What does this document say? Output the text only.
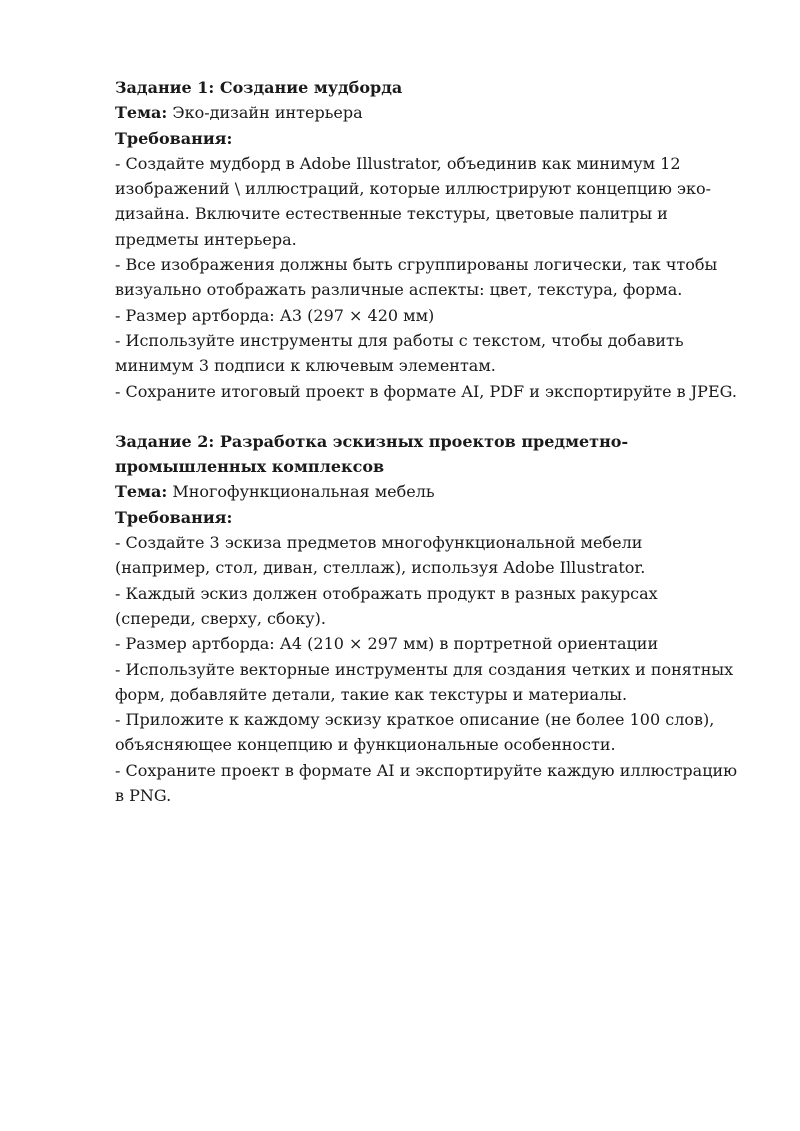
Задание 1: Создание мудборда

Тема: Эко-дизайн интерьера

Требования:

- Создайте мудборд в Adobe Illustrator, объединив как минимум 12 изображений \ иллюстраций, которые иллюстрируют концепцию эко-дизайна. Включите естественные текстуры, цветовые палитры и предметы интерьера.
- Все изображения должны быть сгруппированы логически, так чтобы визуально отображать различные аспекты: цвет, текстура, форма.
- Размер артборда: А3 (297 × 420 мм)
- Используйте инструменты для работы с текстом, чтобы добавить минимум 3 подписи к ключевым элементам.
- Сохраните итоговый проект в формате AI, PDF и экспортируйте в JPEG.

Задание 2: Разработка эскизных проектов предметно-промышленных комплексов

Тема: Многофункциональная мебель

Требования:

- Создайте 3 эскиза предметов многофункциональной мебели (например, стол, диван, стеллаж), используя Adobe Illustrator.
- Каждый эскиз должен отображать продукт в разных ракурсах (спереди, сверху, сбоку).
- Размер артборда: А4 (210 × 297 мм) в портретной ориентации
- Используйте векторные инструменты для создания четких и понятных форм, добавляйте детали, такие как текстуры и материалы.
- Приложите к каждому эскизу краткое описание (не более 100 слов), объясняющее концепцию и функциональные особенности.
- Сохраните проект в формате AI и экспортируйте каждую иллюстрацию в PNG.
